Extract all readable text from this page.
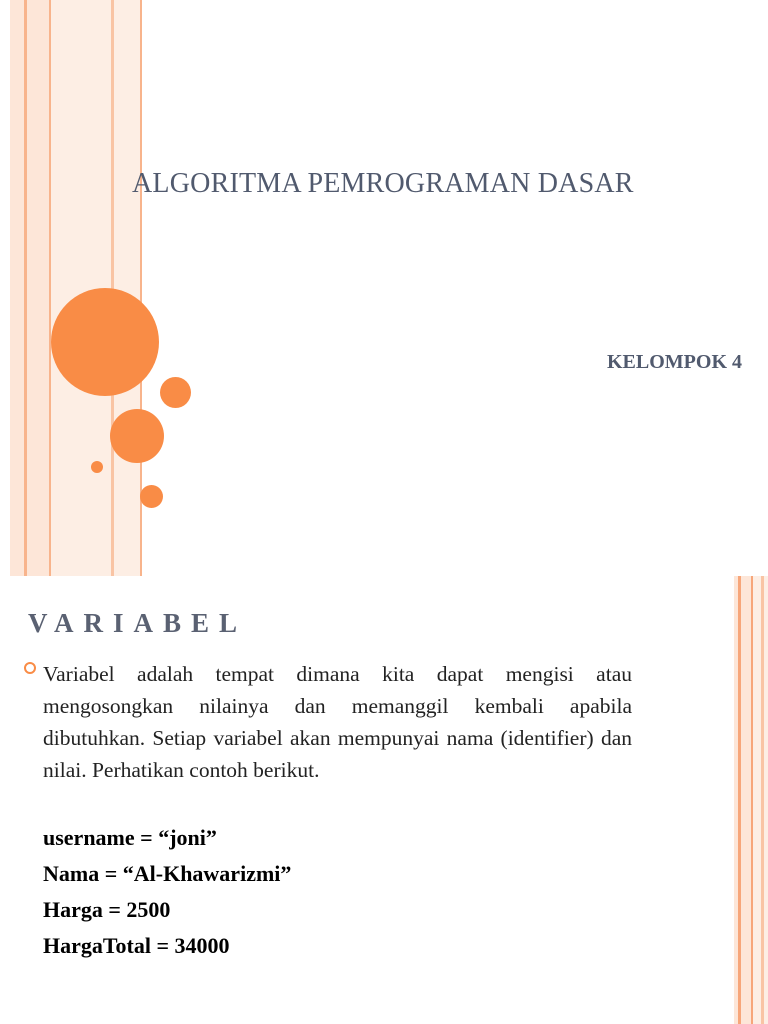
ALGORITMA PEMROGRAMAN DASAR
KELOMPOK 4
VARIABEL
Variabel adalah tempat dimana kita dapat mengisi atau mengosongkan nilainya dan memanggil kembali apabila dibutuhkan. Setiap variabel akan mempunyai nama (identifier) dan nilai. Perhatikan contoh berikut.
username = “joni”
Nama = “Al-Khawarizmi”
Harga = 2500
HargaTotal = 34000
